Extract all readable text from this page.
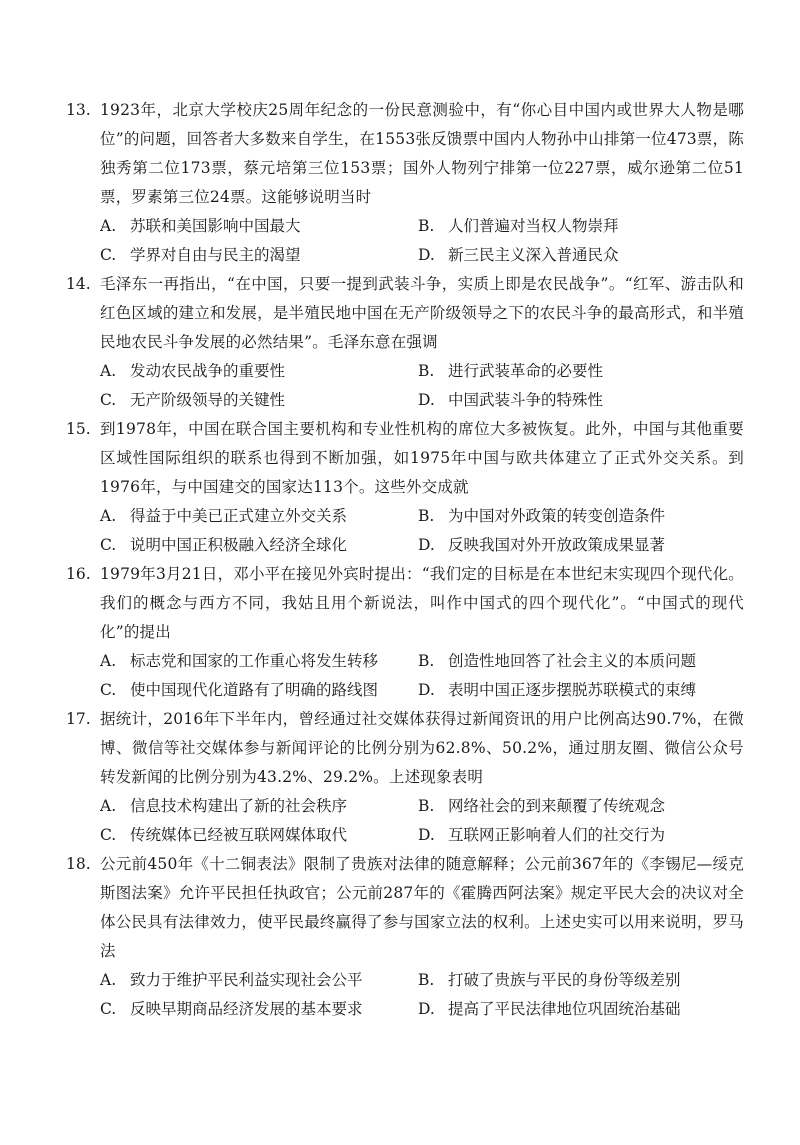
13. 1923年，北京大学校庆25周年纪念的一份民意测验中，有“你心目中国内或世界大人物是哪位”的问题，回答者大多数来自学生，在1553张反馈票中国内人物孙中山排第一位473票，陈独秀第二位173票，蔡元培第三位153票；国外人物列宁排第一位227票，威尔逊第二位51票，罗素第三位24票。这能够说明当时
A. 苏联和美国影响中国最大	B. 人们普遍对当权人物崇拜
C. 学界对自由与民主的渴望	D. 新三民主义深入普通民众
14. 毛泽东一再指出，“在中国，只要一提到武装斗争，实质上即是农民战争”。“红军、游击队和红色区域的建立和发展，是半殖民地中国在无产阶级领导之下的农民斗争的最高形式，和半殖民地农民斗争发展的必然结果”。毛泽东意在强调
A. 发动农民战争的重要性	B. 进行武装革命的必要性
C. 无产阶级领导的关键性	D. 中国武装斗争的特殊性
15. 到1978年，中国在联合国主要机构和专业性机构的席位大多被恢复。此外，中国与其他重要区域性国际组织的联系也得到不断加强，如1975年中国与欧共体建立了正式外交关系。到1976年，与中国建交的国家达113个。这些外交成就
A. 得益于中美已正式建立外交关系	B. 为中国对外政策的转变创造条件
C. 说明中国正积极融入经济全球化	D. 反映我国对外开放政策成果显著
16. 1979年3月21日，邓小平在接见外宾时提出：“我们定的目标是在本世纪末实现四个现代化。我们的概念与西方不同，我姑且用个新说法，叫作中国式的四个现代化”。“中国式的现代化”的提出
A. 标志党和国家的工作重心将发生转移	B. 创造性地回答了社会主义的本质问题
C. 使中国现代化道路有了明确的路线图	D. 表明中国正逐步摆脱苏联模式的束缚
17. 据统计，2016年下半年内，曾经通过社交媒体获得过新闻资讯的用户比例高达90.7%，在微博、微信等社交媒体参与新闻评论的比例分别为62.8%、50.2%，通过朋友圈、微信公众号转发新闻的比例分别为43.2%、29.2%。上述现象表明
A. 信息技术构建出了新的社会秩序	B. 网络社会的到来颠覆了传统观念
C. 传统媒体已经被互联网媒体取代	D. 互联网正影响着人们的社交行为
18. 公元前450年《十二铜表法》限制了贵族对法律的随意解释；公元前367年的《李锡尼—绥克斯图法案》允许平民担任执政官；公元前287年的《霍腾西阿法案》规定平民大会的决议对全体公民具有法律效力，使平民最终赢得了参与国家立法的权利。上述史实可以用来说明，罗马法
A. 致力于维护平民利益实现社会公平	B. 打破了贵族与平民的身份等级差别
C. 反映早期商品经济发展的基本要求	D. 提高了平民法律地位巩固统治基础
